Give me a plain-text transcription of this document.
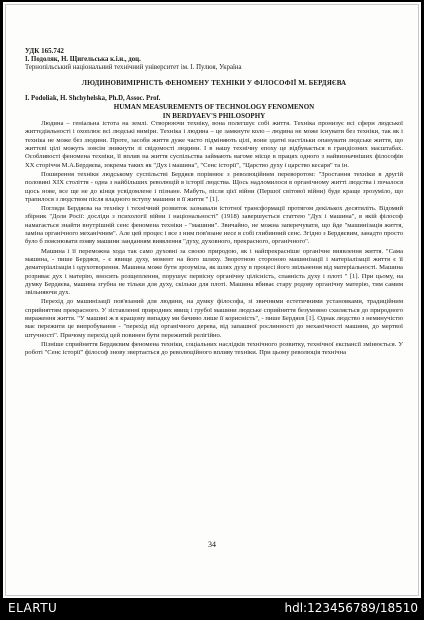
УДК 165.742
І. Подоляк, Н. Щигельська к.і.н., доц.
Тернопільський національний технічний університет ім. І. Пулюя, Україна
ЛЮДИНОВИМІРНІСТЬ ФЕНОМЕНУ ТЕХНІКИ У ФІЛОСОФІЇ М. БЕРДЯЄВА
I. Podoliak, H. Shchyhelska, Ph.D, Assoc. Prof.
HUMAN MEASUREMENTS OF TECHNOLOGY FENOMENON
IN BERDYAEV'S PHILOSOPHY

Людина – геніальна істота на землі. Створюючи техніку, вона полегшує собі життя. Техніка пронизує всі сфери людської життєдіяльності і охоплює всі людські виміри. Техніка і людина – це замкнуте коло – людина не може існувати без техніки, так як і техніка не може без людини. Проте, засоби життя дуже часто підміняють цілі, вони здатні настільки опанувати людське життя, що життєві цілі можуть зовсім зникнути зі свідомості людини. І в нашу технічну епоху це відбувається в грандіозних масштабах. Особливості феномена техніки, її вплив на життя суспільства займають вагоме місце в працях одного з найвизначніших філософів XX сторіччя М.А.Бердяєва, зокрема таких як "Дух і машина", "Сенс історії", "Царство духу і царство кесаря" та ін.

Поширення техніки людському суспільстві Бердяєв порівнює з революційним переворотом: "Зростання техніки в другій половині XIX століття - одна з найбільших революцій в історії людства. Щось надломилося в органічному житті людства і почалося щось нове, все ще не до кінця усвідомлене і пізнане. Мабуть, після цієї війни (Першої світової війни) буде краще зрозуміло, що трапилося з людством після владного вступу машини в її життя " [1].

Погляди Бердяєва на техніку і технічний розвиток зазнавали істотної трансформації протягом декількох десятиліть. Відомий збірник "Доля Росії: досліди з психології війни і національності" (1918) завершується статтею "Дух і машина", в якій філософ намагається знайти внутрішній сенс феномена техніки - "машини". Звичайно, не можна заперечувати, що йде "машинізація життя, заміна органічного механічним". Але цей процес і все з ним пов'язане несе в собі глибинний сенс. Згідно з Бердяєвим, занадто просто було б пояснювати появу машини занданням виявлення "духу, духовного, прекрасного, органічного".

Машина і її переможна хода так само духовні за своєю природою, як і найпрекрасніше органічне виявлення життя. "Сама машина, - пише Бердяєв, - є явище духу, момент на його шляху. Зворотною стороною машинізації і матеріалізації життя є її дематеріалізація і одухотворення. Машина може бути зрозуміла, як шлях духу в процесі його звільнення від матеріальності. Машина розриває дух і матерію, вносить розщеплення, порушує первісну органічну цілісність, спаяність духу і плоті " [1]. При цьому, на думку Бердяєва, машина згубна не тільки для духу, скільки для плоті. Машина вбиває стару родову органічну матерію, тим самим звільняючи дух.

Перехід до машинізації пов'язаний для людини, на думку філософа, зі звичними естетичними установками, традиційним сприйняттям прекрасного. У зіставленні природних явищ і грубої машини людське сприйняття безумовно схиляється до природного вираження життя. "У машині ж в кращому випадку ми бачимо лише її корисність", - пише Бердяєв [1]. Однак людство з неминучістю має пережити це випробування - "перехід від органічного дерева, від запашної рослинності до механічності машини, до мертвої штучності". Причому перехід цей повинен бути пережитий релігійно.

Пізніше сприйняття Бердяєвим феномена техніки, соціальних наслідків технічного розвитку, технічної експансії змінюється. У роботі "Сенс історії" філософ знову звертається до революційного впливу техніки. При цьому революція технічна

34
ELARTU	hdl:123456789/18510
